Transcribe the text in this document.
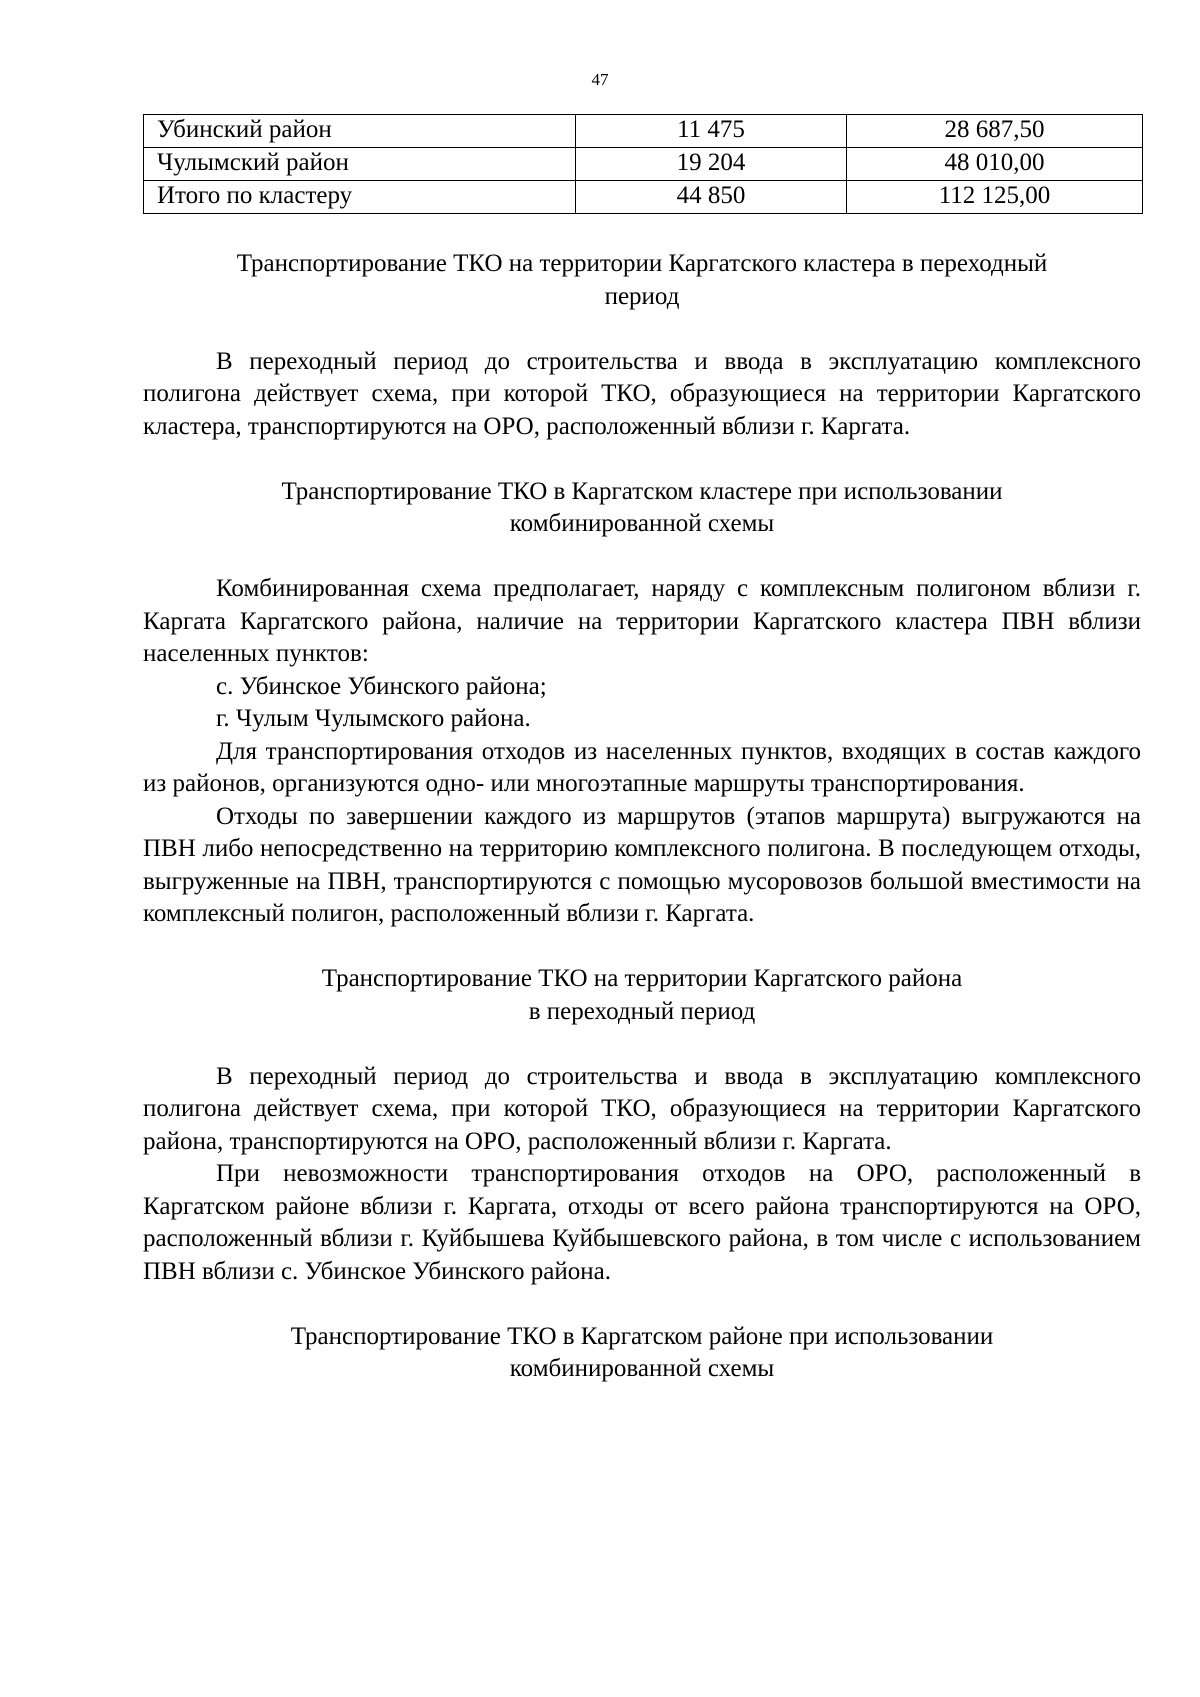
47
Убинский район	11 475	28 687,50
Чулымский район	19 204	48 010,00
Итого по кластеру	44 850	112 125,00
Транспортирование ТКО на территории Каргатского кластера в переходный
период

В переходный период до строительства и ввода в эксплуатацию комплексного полигона действует схема, при которой ТКО, образующиеся на территории Каргатского кластера, транспортируются на ОРО, расположенный вблизи г. Каргата.

Транспортирование ТКО в Каргатском кластере при использовании
комбинированной схемы

Комбинированная схема предполагает, наряду с комплексным полигоном вблизи г. Каргата Каргатского района, наличие на территории Каргатского кластера ПВН вблизи населенных пунктов:

с. Убинское Убинского района;

г. Чулым Чулымского района.

Для транспортирования отходов из населенных пунктов, входящих в состав каждого из районов, организуются одно- или многоэтапные маршруты транспортирования.

Отходы по завершении каждого из маршрутов (этапов маршрута) выгружаются на ПВН либо непосредственно на территорию комплексного полигона. В последующем отходы, выгруженные на ПВН, транспортируются с помощью мусоровозов большой вместимости на комплексный полигон, расположенный вблизи г. Каргата.

Транспортирование ТКО на территории Каргатского района
в переходный период

В переходный период до строительства и ввода в эксплуатацию комплексного полигона действует схема, при которой ТКО, образующиеся на территории Каргатского района, транспортируются на ОРО, расположенный вблизи г. Каргата.

При невозможности транспортирования отходов на ОРО, расположенный в Каргатском районе вблизи г. Каргата, отходы от всего района транспортируются на ОРО, расположенный вблизи г. Куйбышева Куйбышевского района, в том числе с использованием ПВН вблизи с. Убинское Убинского района.

Транспортирование ТКО в Каргатском районе при использовании
комбинированной схемы
